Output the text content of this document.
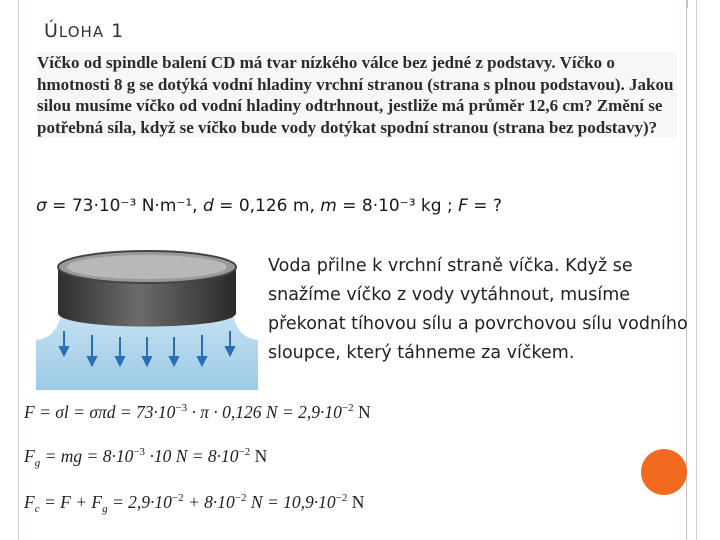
ÚLOHA 1
Víčko od spindle balení CD má tvar nízkého válce bez jedné z podstavy. Víčko o hmotnosti 8 g se dotýká vodní hladiny vrchní stranou (strana s plnou podstavou). Jakou silou musíme víčko od vodní hladiny odtrhnout, jestliže má průměr 12,6 cm? Změní se potřebná síla, když se víčko bude vody dotýkat spodní stranou (strana bez podstavy)?
σ = 73·10⁻³ N·m⁻¹, d = 0,126 m, m = 8·10⁻³ kg ; F = ?
Voda přilne k vrchní straně víčka. Když se snažíme víčko z vody vytáhnout, musíme překonat tíhovou sílu a povrchovou sílu vodního sloupce, který táhneme za víčkem.
$F = \sigma l = \sigma\pi d = 73\cdot 10^{-3} \cdot \pi \cdot 0,126$ $N = 2,9\cdot 10^{-2}$ N
$F_g$ = mg = $8\cdot 10^{-3} \cdot 10$ $N = 8\cdot 10^{-2}$ N
$F_c = F + F_g = 2,9\cdot 10^{-2} + 8\cdot 10^{-2}$ $N = 10,9\cdot 10^{-2}$ N
